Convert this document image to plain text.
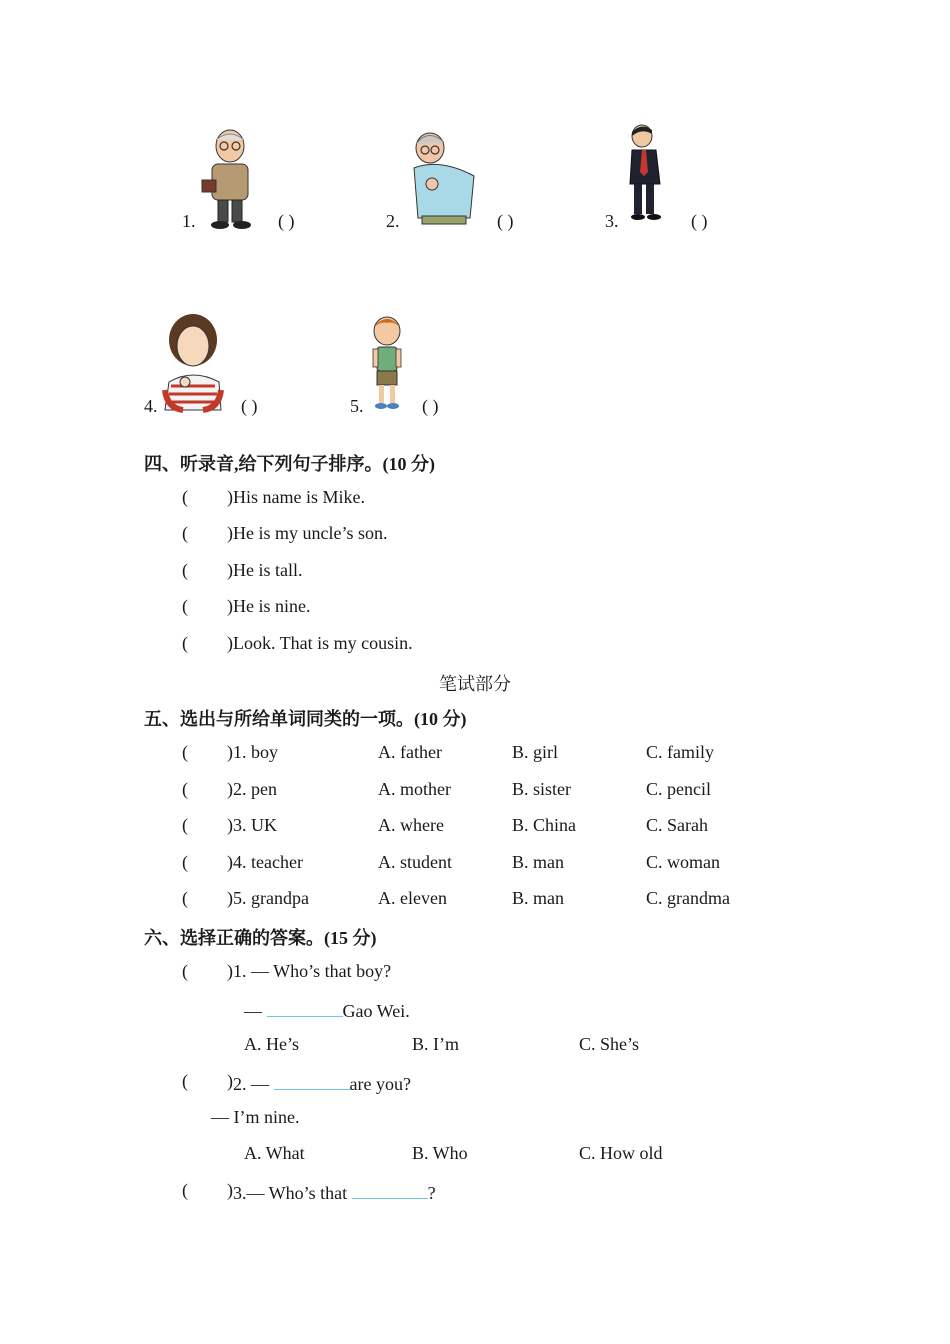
1.	( )	2.	( )	3.	( )
4.	( )	5.	( )
四、听录音,给下列句子排序。(10 分)
( ) His name is Mike.
( ) He is my uncle’s son.
( ) He is tall.
( ) He is nine.
( ) Look. That is my cousin.
笔试部分
五、选出与所给单词同类的一项。(10 分)
( ) 1. boy	A. father	B. girl	C. family
( ) 2. pen	A. mother	B. sister	C. pencil
( ) 3. UK	A. where	B. China	C. Sarah
( ) 4. teacher	A. student	B. man	C. woman
( ) 5. grandpa	A. eleven	B. man	C. grandma
六、选择正确的答案。(15 分)
( ) 1. — Who’s that boy?
—	Gao Wei.
A. He’s	B. I’m	C. She’s
( ) 2. —	are you?
— I’m nine.
A. What	B. Who	C. How old
( ) 3.— Who’s that	?
